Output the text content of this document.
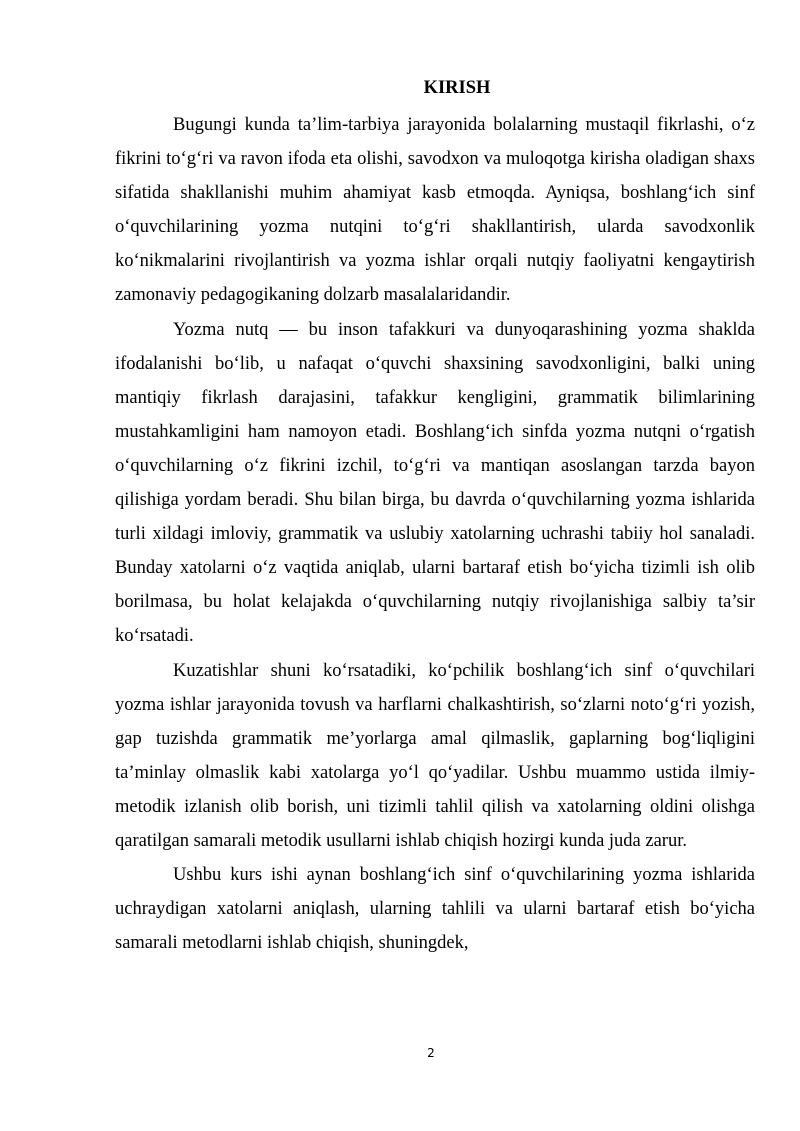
KIRISH

Bugungi kunda ta’lim-tarbiya jarayonida bolalarning mustaqil fikrlashi, o‘z fikrini to‘g‘ri va ravon ifoda eta olishi, savodxon va muloqotga kirisha oladigan shaxs sifatida shakllanishi muhim ahamiyat kasb etmoqda. Ayniqsa, boshlang‘ich sinf o‘quvchilarining yozma nutqini to‘g‘ri shakllantirish, ularda savodxonlik ko‘nikmalarini rivojlantirish va yozma ishlar orqali nutqiy faoliyatni kengaytirish zamonaviy pedagogikaning dolzarb masalalaridandir.

Yozma nutq — bu inson tafakkuri va dunyoqarashining yozma shaklda ifodalanishi bo‘lib, u nafaqat o‘quvchi shaxsining savodxonligini, balki uning mantiqiy fikrlash darajasini, tafakkur kengligini, grammatik bilimlarining mustahkamligini ham namoyon etadi. Boshlang‘ich sinfda yozma nutqni o‘rgatish o‘quvchilarning o‘z fikrini izchil, to‘g‘ri va mantiqan asoslangan tarzda bayon qilishiga yordam beradi. Shu bilan birga, bu davrda o‘quvchilarning yozma ishlarida turli xildagi imloviy, grammatik va uslubiy xatolarning uchrashi tabiiy hol sanaladi. Bunday xatolarni o‘z vaqtida aniqlab, ularni bartaraf etish bo‘yicha tizimli ish olib borilmasa, bu holat kelajakda o‘quvchilarning nutqiy rivojlanishiga salbiy ta’sir ko‘rsatadi.

Kuzatishlar shuni ko‘rsatadiki, ko‘pchilik boshlang‘ich sinf o‘quvchilari yozma ishlar jarayonida tovush va harflarni chalkashtirish, so‘zlarni noto‘g‘ri yozish, gap tuzishda grammatik me’yorlarga amal qilmaslik, gaplarning bog‘liqligini ta’minlay olmaslik kabi xatolarga yo‘l qo‘yadilar. Ushbu muammo ustida ilmiy-metodik izlanish olib borish, uni tizimli tahlil qilish va xatolarning oldini olishga qaratilgan samarali metodik usullarni ishlab chiqish hozirgi kunda juda zarur.

Ushbu kurs ishi aynan boshlang‘ich sinf o‘quvchilarining yozma ishlarida uchraydigan xatolarni aniqlash, ularning tahlili va ularni bartaraf etish bo‘yicha samarali metodlarni ishlab chiqish, shuningdek,

2
